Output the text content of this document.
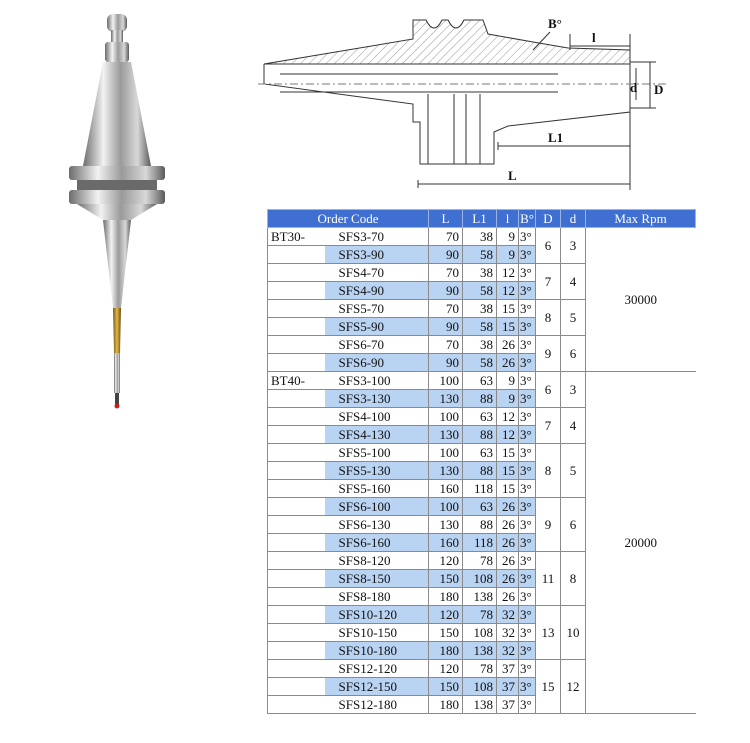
B°
l
d D
L1
L
Order Code		L	L1	l	B°	D	d	Max Rpm
BT30-	SFS3-70	70	38	9	3°	6	3	30000
	SFS3-90	90	58	9	3°			
	SFS4-70	70	38	12	3°	7	4	
	SFS4-90	90	58	12	3°			
	SFS5-70	70	38	15	3°	8	5	
	SFS5-90	90	58	15	3°			
	SFS6-70	70	38	26	3°	9	6	
	SFS6-90	90	58	26	3°			
BT40-	SFS3-100	100	63	9	3°	6	3	20000
	SFS3-130	130	88	9	3°			
	SFS4-100	100	63	12	3°	7	4	
	SFS4-130	130	88	12	3°			
	SFS5-100	100	63	15	3°	8	5	
	SFS5-130	130	88	15	3°			
	SFS5-160	160	118	15	3°			
	SFS6-100	100	63	26	3°	9	6	
	SFS6-130	130	88	26	3°			
	SFS6-160	160	118	26	3°			
	SFS8-120	120	78	26	3°	11	8	
	SFS8-150	150	108	26	3°			
	SFS8-180	180	138	26	3°			
	SFS10-120	120	78	32	3°	13	10	
	SFS10-150	150	108	32	3°			
	SFS10-180	180	138	32	3°			
	SFS12-120	120	78	37	3°	15	12	
	SFS12-150	150	108	37	3°			
	SFS12-180	180	138	37	3°			
